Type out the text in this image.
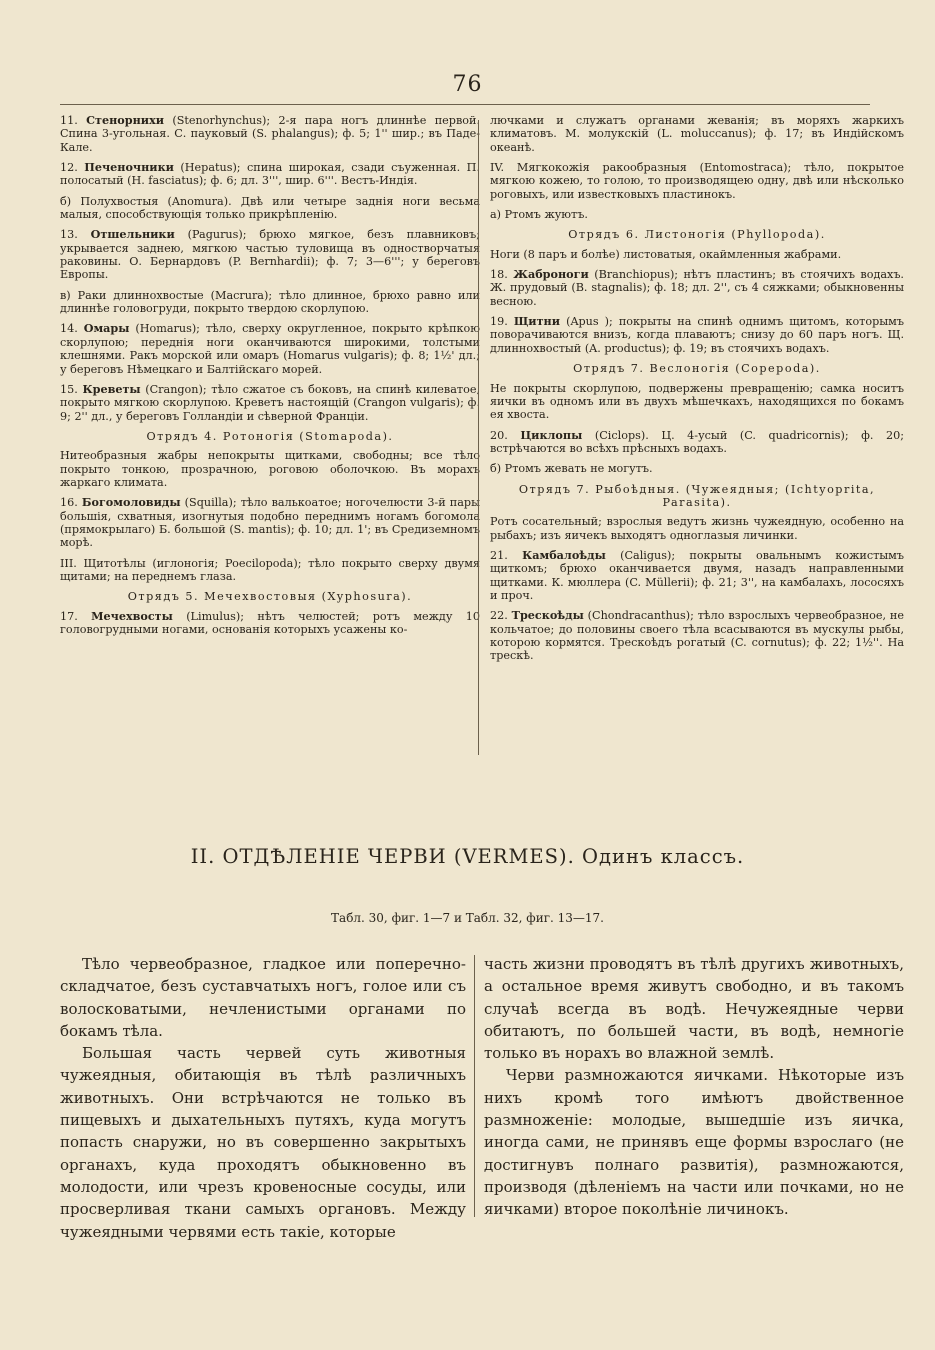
76

11. Стенорнихи (Stenorhynchus); 2-я пара ногъ длиннѣе первой. Спина 3-угольная. С. пауковый (S. phalangus); ф. 5; 1'' шир.; въ Паде-Кале.

12. Печеночники (Hepatus); спина широкая, сзади съуженная. П. полосатый (H. fasciatus); ф. 6; дл. 3''', шир. 6'''. Вестъ-Индія.

б) Полухвостыя (Anomura). Двѣ или четыре заднія ноги весьма малыя, способствующія только прикрѣпленію.

13. Отшельники (Pagurus); брюхо мягкое, безъ плавниковъ; укрывается заднею, мягкою частью туловища въ одностворчатыя раковины. О. Бернардовъ (P. Bernhardii); ф. 7; 3—6'''; у береговъ Европы.

в) Раки длиннохвостые (Macrura); тѣло длинное, брюхо равно или длиннѣе головогруди, покрыто твердою скорлупою.

14. Омары (Homarus); тѣло, сверху округленное, покрыто крѣпкою скорлупою; переднія ноги оканчиваются широкими, толстыми клешнями. Ракъ морской или омаръ (Homarus vulgaris); ф. 8; 1½' дл.; у береговъ Нѣмецкаго и Балтійскаго морей.

15. Креветы (Crangon); тѣло сжатое съ боковъ, на спинѣ килеватое, покрыто мягкою скорлупою. Креветъ настоящій (Crangon vulgaris); ф. 9; 2'' дл., у береговъ Голландіи и сѣверной Франціи.

Отрядъ 4. Ротоногія (Stomapoda).

Нитеобразныя жабры непокрыты щитками, свободны; все тѣло покрыто тонкою, прозрачною, роговою оболочкою. Въ морахъ жаркаго климата.

16. Богомоловиды (Squilla); тѣло валькоатое; ногочелюсти 3-й пары большія, схватныя, изогнутыя подобно переднимъ ногамъ богомола (прямокрылаго) Б. большой (S. mantis); ф. 10; дл. 1'; въ Средиземномъ морѣ.

III. Щитотѣлы (иглоногія; Poecilopoda); тѣло покрыто сверху двумя щитами; на переднемъ глаза.

Отрядъ 5. Мечехвостовыя (Xyphosura).

17. Мечехвосты (Limulus); нѣтъ челюстей; ротъ между 10 головогрудными ногами, основанія которыхъ усажены ко-

лючками и служатъ органами жеванія; въ моряхъ жаркихъ климатовъ. М. молукскій (L. moluccanus); ф. 17; въ Индійскомъ океанѣ.

IV. Мягкокожія ракообразныя (Entomostraca); тѣло, покрытое мягкою кожею, то голою, то производящею одну, двѣ или нѣсколько роговыхъ, или известковыхъ пластинокъ.

а) Ртомъ жуютъ.

Отрядъ 6. Листоногія (Phyllopoda).

Ноги (8 паръ и болѣе) листоватыя, окаймленныя жабрами.

18. Жаброноги (Branchiopus); нѣтъ пластинъ; въ стоячихъ водахъ. Ж. прудовый (B. stagnalis); ф. 18; дл. 2'', съ 4 сяжками; обыкновенны весною.

19. Щитни (Apus ); покрыты на спинѣ однимъ щитомъ, которымъ поворачиваются внизъ, когда плаваютъ; снизу до 60 паръ ногъ. Щ. длиннохвостый (A. productus); ф. 19; въ стоячихъ водахъ.

Отрядъ 7. Веслоногія (Copepoda).

Не покрыты скорлупою, подвержены превращенію; самка носитъ яички въ одномъ или въ двухъ мѣшечкахъ, находящихся по бокамъ ея хвоста.

20. Циклопы (Ciclops). Ц. 4-усый (C. quadricornis); ф. 20; встрѣчаются во всѣхъ прѣсныхъ водахъ.

б) Ртомъ жевать не могутъ.

Отрядъ 7. Рыбоѣдныя. (Чужеядныя; (Ichtyoprita, Parasita).

Ротъ сосательный; взрослыя ведутъ жизнь чужеядную, особенно на рыбахъ; изъ яичекъ выходятъ одноглазыя личинки.

21. Камбалоѣды (Caligus); покрыты овальнымъ кожистымъ щиткомъ; брюхо оканчивается двумя, назадъ направленными щитками. К. мюллера (C. Müllerii); ф. 21; 3'', на камбалахъ, лососяхъ и проч.

22. Трескоѣды (Chondracanthus); тѣло взрослыхъ червеобразное, не кольчатое; до половины своего тѣла всасываются въ мускулы рыбы, которою кормятся. Трескоѣдъ рогатый (C. cornutus); ф. 22; 1½''. На трескѣ.

II. ОТДѢЛЕНІЕ ЧЕРВИ (VERMES). Одинъ классъ.
Табл. 30, фиг. 1—7 и Табл. 32, фиг. 13—17.

Тѣло червеобразное, гладкое или поперечно-складчатое, безъ суставчатыхъ ногъ, голое или съ волосковатыми, нечленистыми органами по бокамъ тѣла.

Большая часть червей суть животныя чужеядныя, обитающія въ тѣлѣ различныхъ животныхъ. Они встрѣчаются не только въ пищевыхъ и дыхательныхъ путяхъ, куда могутъ попасть снаружи, но въ совершенно закрытыхъ органахъ, куда проходятъ обыкновенно въ молодости, или чрезъ кровеносные сосуды, или просверливая ткани самыхъ органовъ. Между чужеядными червями есть такіе, которые

часть жизни проводятъ въ тѣлѣ другихъ животныхъ, а остальное время живутъ свободно, и въ такомъ случаѣ всегда въ водѣ. Нечужеядные черви обитаютъ, по большей части, въ водѣ, немногіе только въ норахъ во влажной землѣ.

Черви размножаются яичками. Нѣкоторые изъ нихъ кромѣ того имѣютъ двойственное размноженіе: молодые, вышедшіе изъ яичка, иногда сами, не принявъ еще формы взрослаго (не достигнувъ полнаго развитія), размножаются, производя (дѣленіемъ на части или почками, но не яичками) второе поколѣніе личинокъ.
